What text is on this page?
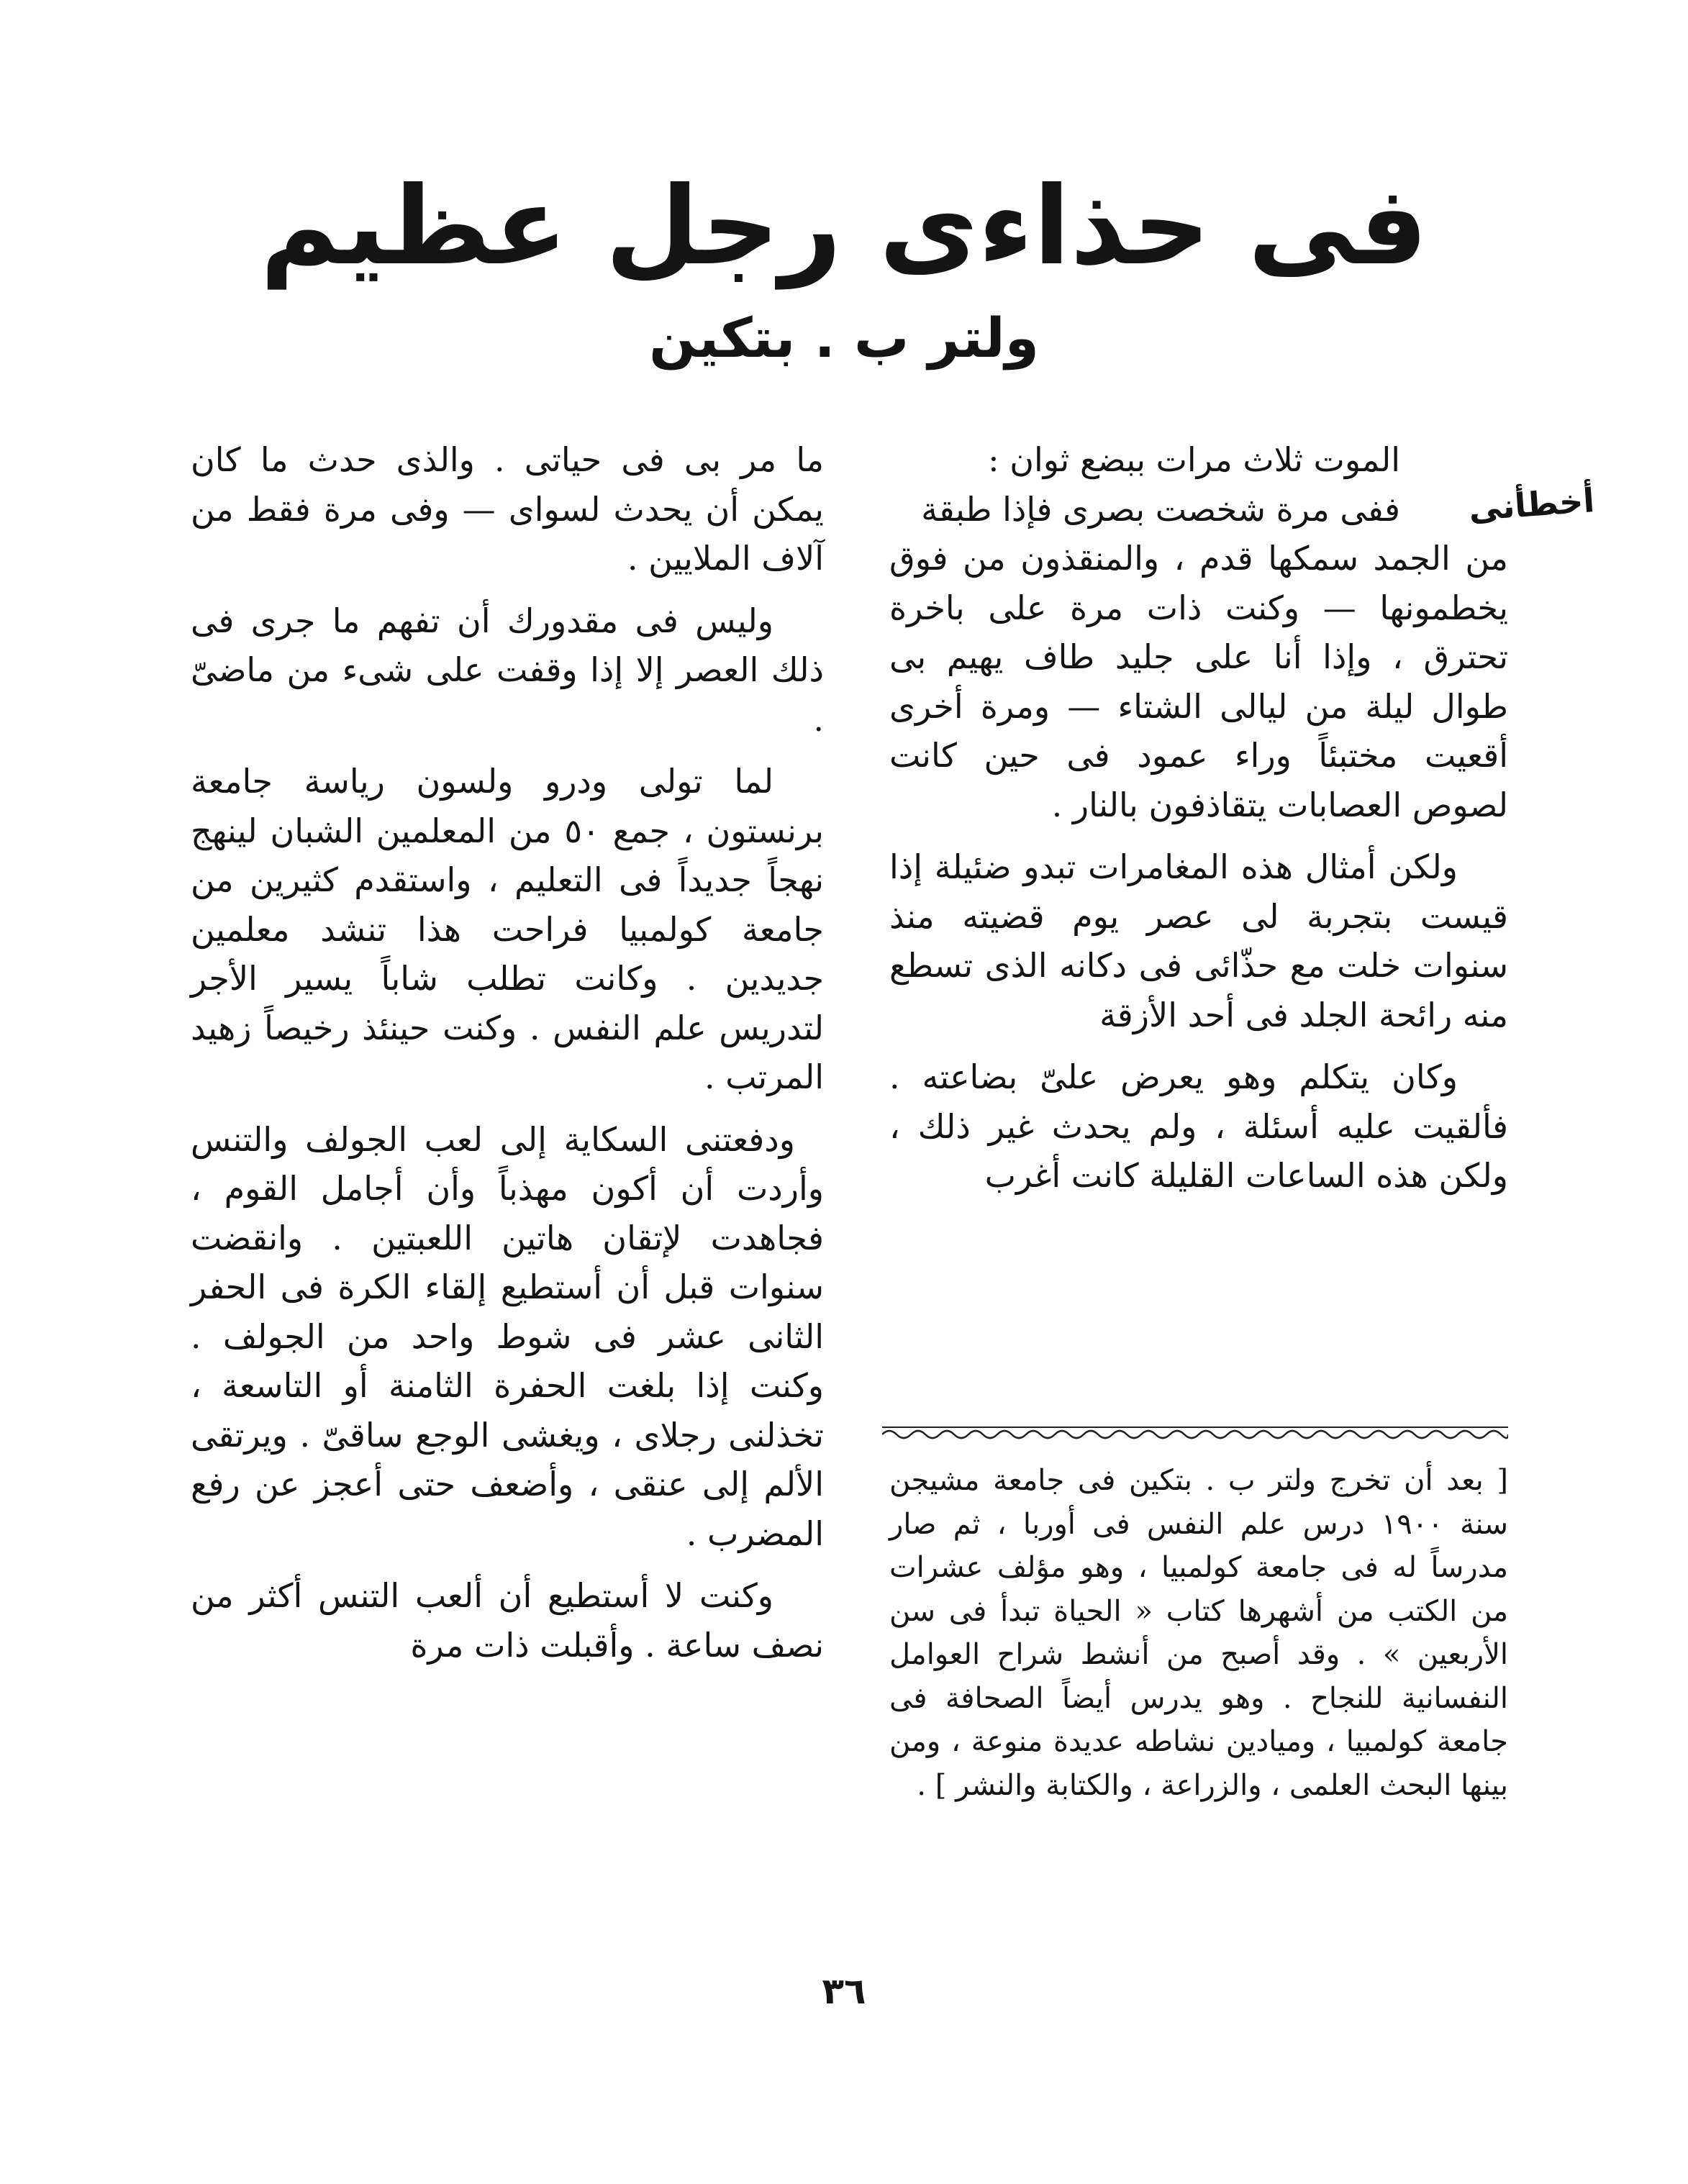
فى حذاءى رجل عظيم
ولتر ب . بتكين
أخطأنى

الموت ثلاث مرات ببضع ثوان :

ففى مرة شخصت بصرى فإذا طبقة

من الجمد سمكها قدم ، والمنقذون من فوق يخطمونها — وكنت ذات مرة على باخرة تحترق ، وإذا أنا على جليد طاف يهيم بى طوال ليلة من ليالى الشتاء — ومرة أخرى أقعيت مختبئاً وراء عمود فى حين كانت لصوص العصابات يتقاذفون بالنار .

ولكن أمثال هذه المغامرات تبدو ضئيلة إذا قيست بتجربة لى عصر يوم قضيته منذ سنوات خلت مع حذّائى فى دكانه الذى تسطع منه رائحة الجلد فى أحد الأزقة

وكان يتكلم وهو يعرض علىّ بضاعته . فألقيت عليه أسئلة ، ولم يحدث غير ذلك ، ولكن هذه الساعات القليلة كانت أغرب

[ بعد أن تخرج ولتر ب . بتكين فى جامعة مشيجن سنة ١٩٠٠ درس علم النفس فى أوربا ، ثم صار مدرساً له فى جامعة كولمبيا ، وهو مؤلف عشرات من الكتب من أشهرها كتاب « الحياة تبدأ فى سن الأربعين » . وقد أصبح من أنشط شراح العوامل النفسانية للنجاح . وهو يدرس أيضاً الصحافة فى جامعة كولمبيا ، وميادين نشاطه عديدة منوعة ، ومن بينها البحث العلمى ، والزراعة ، والكتابة والنشر ] .

ما مر بى فى حياتى . والذى حدث ما كان يمكن أن يحدث لسواى — وفى مرة فقط من آلاف الملايين .

وليس فى مقدورك أن تفهم ما جرى فى ذلك العصر إلا إذا وقفت على شىء من ماضىّ .

لما تولى ودرو ولسون رياسة جامعة برنستون ، جمع ٥٠ من المعلمين الشبان لينهج نهجاً جديداً فى التعليم ، واستقدم كثيرين من جامعة كولمبيا فراحت هذا تنشد معلمين جديدين . وكانت تطلب شاباً يسير الأجر لتدريس علم النفس . وكنت حينئذ رخيصاً زهيد المرتب .

ودفعتنى السكاية إلى لعب الجولف والتنس وأردت أن أكون مهذباً وأن أجامل القوم ، فجاهدت لإتقان هاتين اللعبتين . وانقضت سنوات قبل أن أستطيع إلقاء الكرة فى الحفر الثانى عشر فى شوط واحد من الجولف . وكنت إذا بلغت الحفرة الثامنة أو التاسعة ، تخذلنى رجلاى ، ويغشى الوجع ساقىّ . ويرتقى الألم إلى عنقى ، وأضعف حتى أعجز عن رفع المضرب .

وكنت لا أستطيع أن ألعب التنس أكثر من نصف ساعة . وأقبلت ذات مرة

٣٦
